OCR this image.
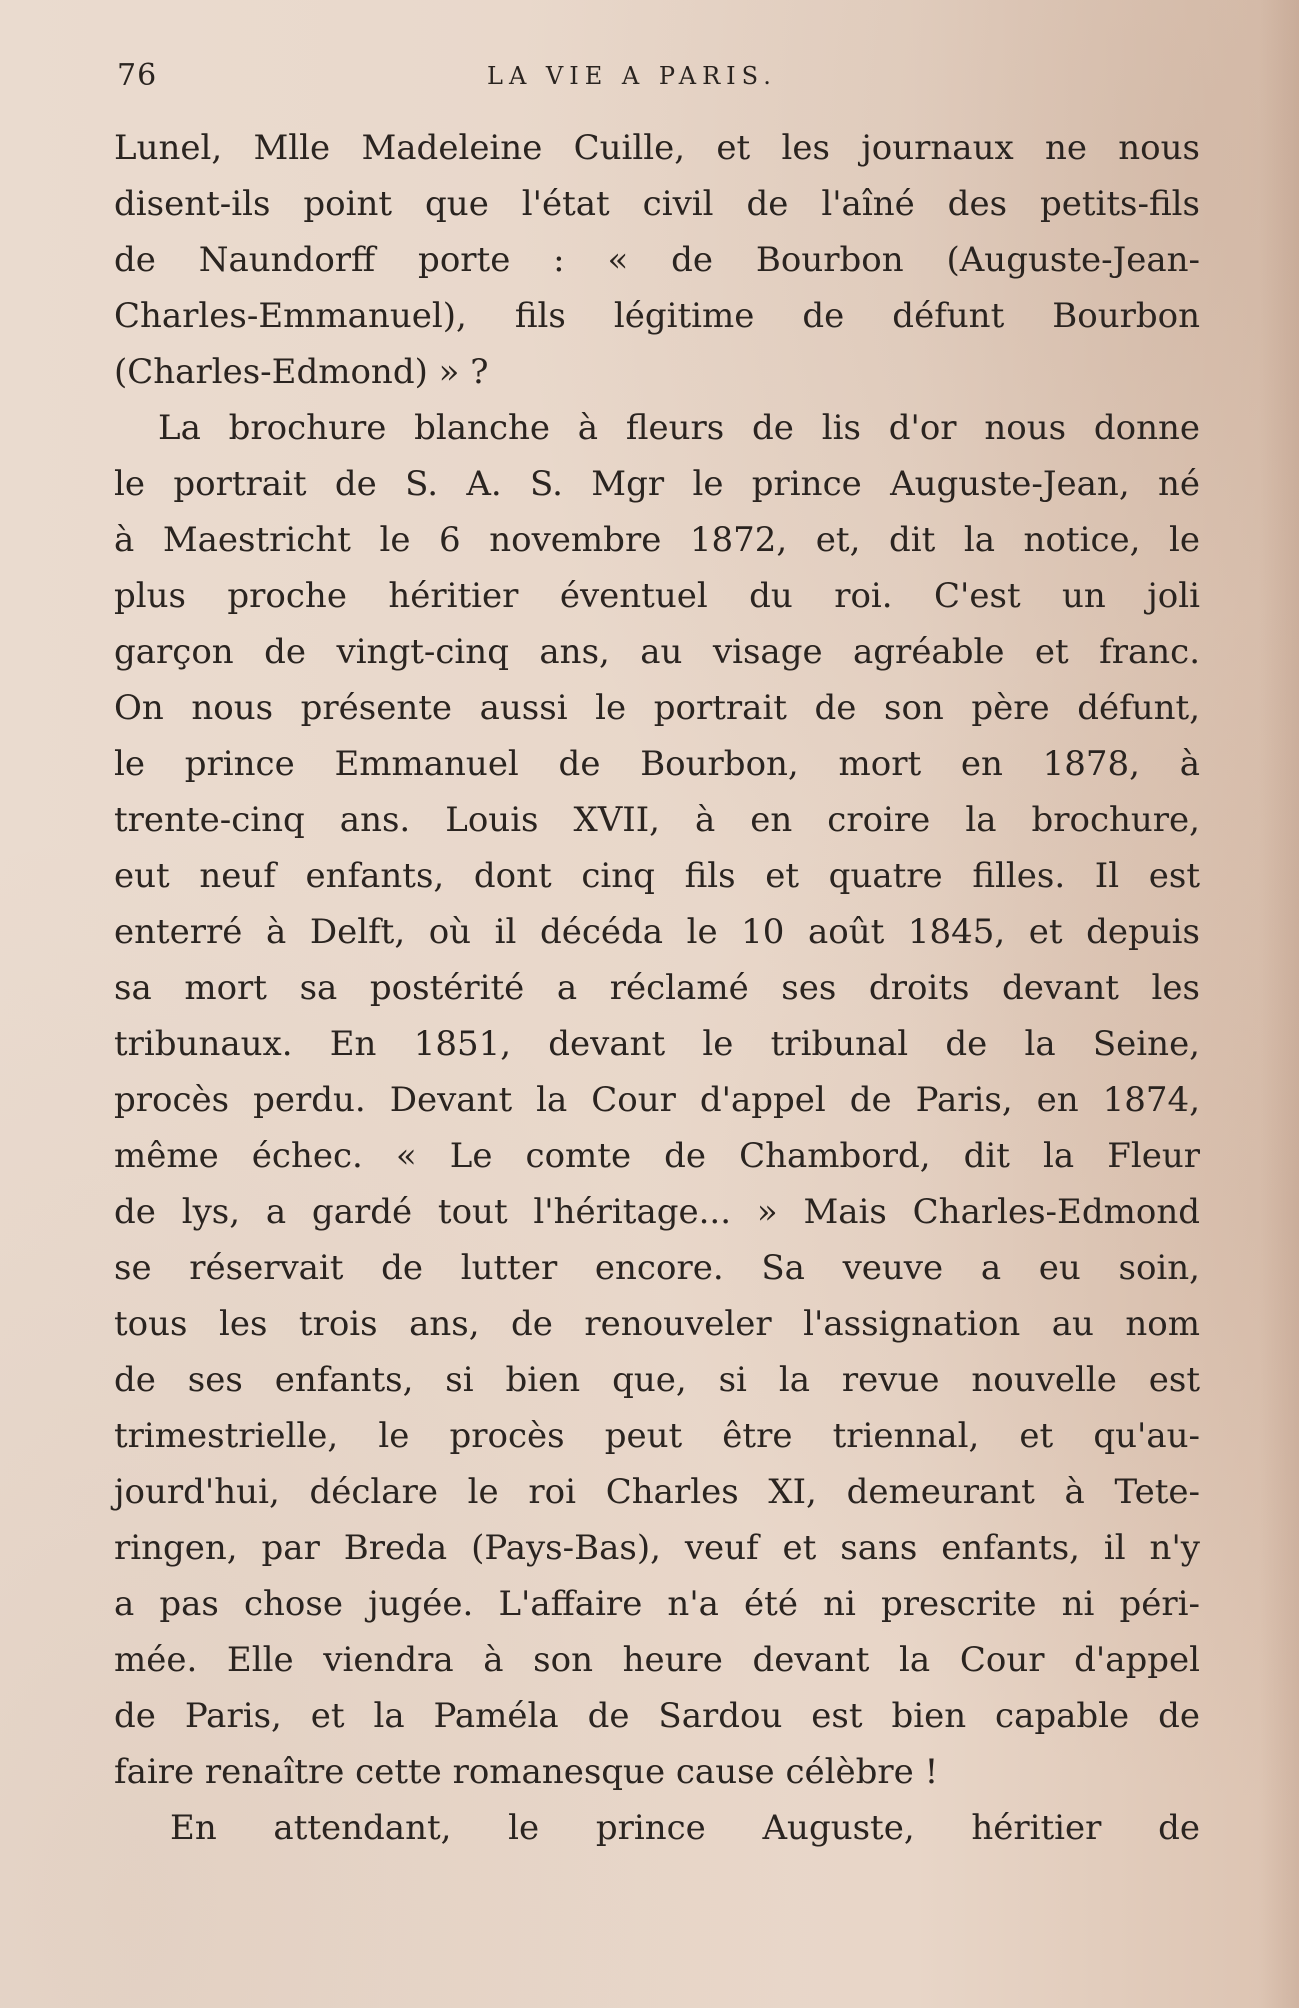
76	LA VIE A PARIS.
Lunel, Mlle Madeleine Cuille, et les journaux ne nous
disent-ils point que l'état civil de l'aîné des petits-fils
de Naundorff porte : « de Bourbon (Auguste-Jean-
Charles-Emmanuel), fils légitime de défunt Bourbon
(Charles-Edmond) » ?
La brochure blanche à fleurs de lis d'or nous donne
le portrait de S. A. S. Mgr le prince Auguste-Jean, né
à Maestricht le 6 novembre 1872, et, dit la notice, le
plus proche héritier éventuel du roi. C'est un joli
garçon de vingt-cinq ans, au visage agréable et franc.
On nous présente aussi le portrait de son père défunt,
le prince Emmanuel de Bourbon, mort en 1878, à
trente-cinq ans. Louis XVII, à en croire la brochure,
eut neuf enfants, dont cinq fils et quatre filles. Il est
enterré à Delft, où il décéda le 10 août 1845, et depuis
sa mort sa postérité a réclamé ses droits devant les
tribunaux. En 1851, devant le tribunal de la Seine,
procès perdu. Devant la Cour d'appel de Paris, en 1874,
même échec. « Le comte de Chambord, dit la Fleur
de lys, a gardé tout l'héritage... » Mais Charles-Edmond
se réservait de lutter encore. Sa veuve a eu soin,
tous les trois ans, de renouveler l'assignation au nom
de ses enfants, si bien que, si la revue nouvelle est
trimestrielle, le procès peut être triennal, et qu'au-
jourd'hui, déclare le roi Charles XI, demeurant à Tete-
ringen, par Breda (Pays-Bas), veuf et sans enfants, il n'y
a pas chose jugée. L'affaire n'a été ni prescrite ni péri-
mée. Elle viendra à son heure devant la Cour d'appel
de Paris, et la Paméla de Sardou est bien capable de
faire renaître cette romanesque cause célèbre !
En attendant, le prince Auguste, héritier de
